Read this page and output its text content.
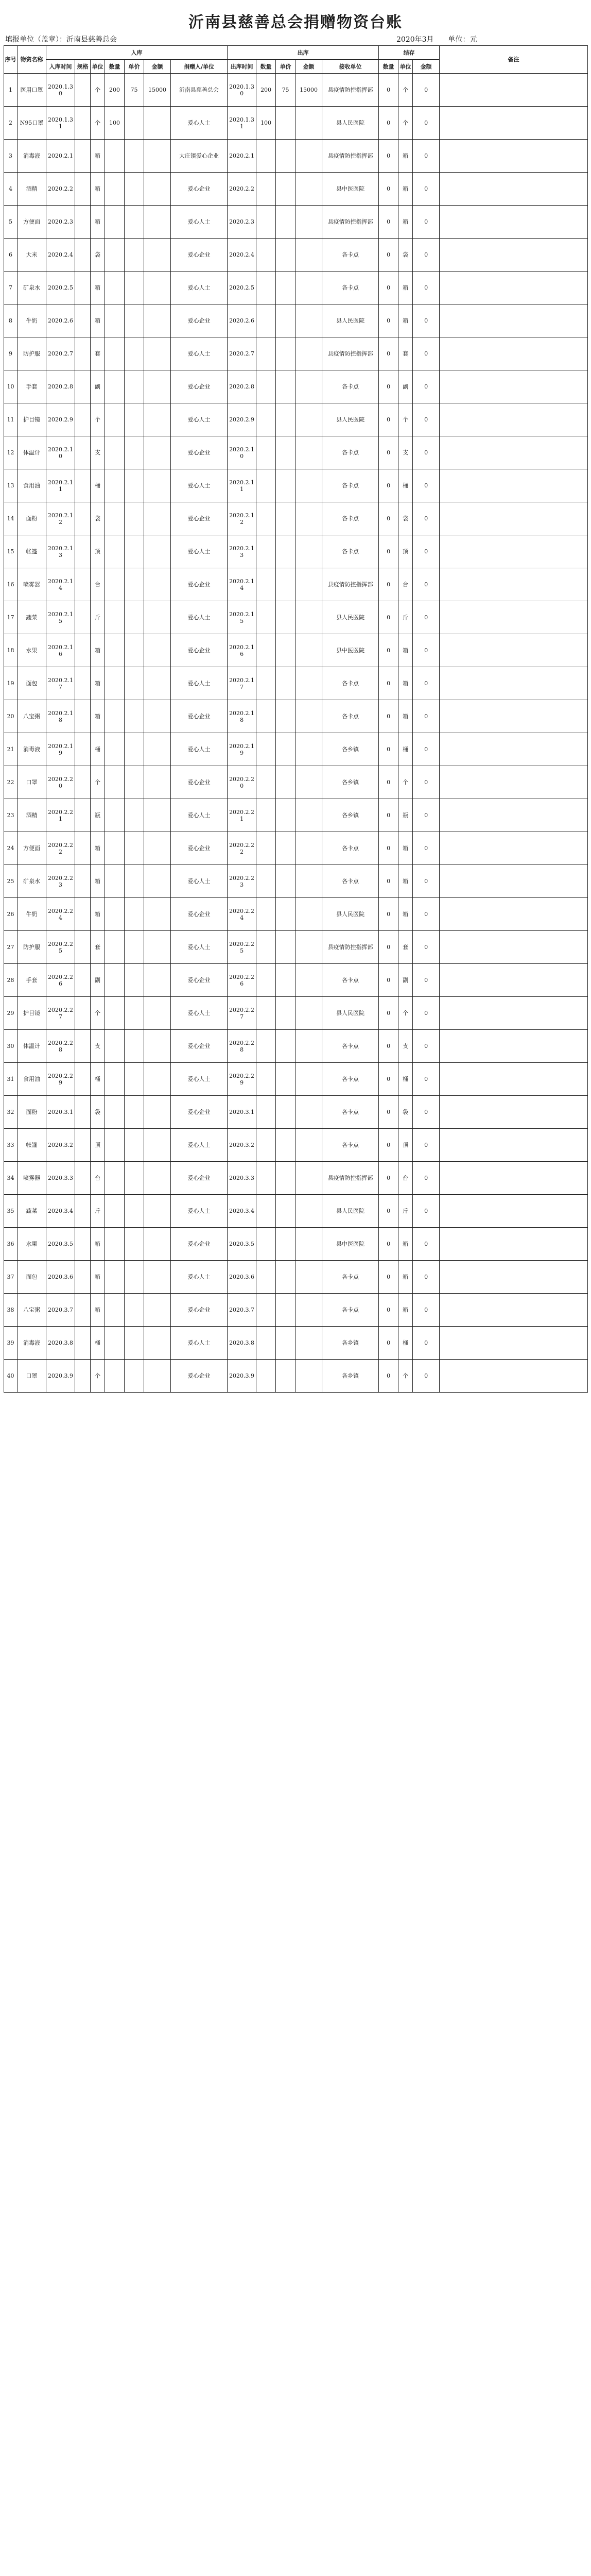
沂南县慈善总会捐赠物资台账
填报单位（盖章）：沂南县慈善总会	2020年3月　　单位：元
序号	物资名称	入库							出库					结存			备注
		入库时间	规格	单位	数量	单价	金额	捐赠人/单位	出库时间	数量	单价	金额	接收单位	数量	单位	金额	
1	医用口罩	2020.1.30		个	200	75	15000	沂南县慈善总会	2020.1.30	200	75	15000	县疫情防控指挥部	0	个	0	
2	N95口罩	2020.1.31		个	100			爱心人士	2020.1.31	100			县人民医院	0	个	0	
3	消毒液	2020.2.1		箱				大庄镇爱心企业	2020.2.1				县疫情防控指挥部	0	箱	0	
4	酒精	2020.2.2		箱				爱心企业	2020.2.2				县中医医院	0	箱	0	
5	方便面	2020.2.3		箱				爱心人士	2020.2.3				县疫情防控指挥部	0	箱	0	
6	大米	2020.2.4		袋				爱心企业	2020.2.4				各卡点	0	袋	0	
7	矿泉水	2020.2.5		箱				爱心人士	2020.2.5				各卡点	0	箱	0	
8	牛奶	2020.2.6		箱				爱心企业	2020.2.6				县人民医院	0	箱	0	
9	防护服	2020.2.7		套				爱心人士	2020.2.7				县疫情防控指挥部	0	套	0	
10	手套	2020.2.8		副				爱心企业	2020.2.8				各卡点	0	副	0	
11	护目镜	2020.2.9		个				爱心人士	2020.2.9				县人民医院	0	个	0	
12	体温计	2020.2.10		支				爱心企业	2020.2.10				各卡点	0	支	0	
13	食用油	2020.2.11		桶				爱心人士	2020.2.11				各卡点	0	桶	0	
14	面粉	2020.2.12		袋				爱心企业	2020.2.12				各卡点	0	袋	0	
15	帐篷	2020.2.13		顶				爱心人士	2020.2.13				各卡点	0	顶	0	
16	喷雾器	2020.2.14		台				爱心企业	2020.2.14				县疫情防控指挥部	0	台	0	
17	蔬菜	2020.2.15		斤				爱心人士	2020.2.15				县人民医院	0	斤	0	
18	水果	2020.2.16		箱				爱心企业	2020.2.16				县中医医院	0	箱	0	
19	面包	2020.2.17		箱				爱心人士	2020.2.17				各卡点	0	箱	0	
20	八宝粥	2020.2.18		箱				爱心企业	2020.2.18				各卡点	0	箱	0	
21	消毒液	2020.2.19		桶				爱心人士	2020.2.19				各乡镇	0	桶	0	
22	口罩	2020.2.20		个				爱心企业	2020.2.20				各乡镇	0	个	0	
23	酒精	2020.2.21		瓶				爱心人士	2020.2.21				各乡镇	0	瓶	0	
24	方便面	2020.2.22		箱				爱心企业	2020.2.22				各卡点	0	箱	0	
25	矿泉水	2020.2.23		箱				爱心人士	2020.2.23				各卡点	0	箱	0	
26	牛奶	2020.2.24		箱				爱心企业	2020.2.24				县人民医院	0	箱	0	
27	防护服	2020.2.25		套				爱心人士	2020.2.25				县疫情防控指挥部	0	套	0	
28	手套	2020.2.26		副				爱心企业	2020.2.26				各卡点	0	副	0	
29	护目镜	2020.2.27		个				爱心人士	2020.2.27				县人民医院	0	个	0	
30	体温计	2020.2.28		支				爱心企业	2020.2.28				各卡点	0	支	0	
31	食用油	2020.2.29		桶				爱心人士	2020.2.29				各卡点	0	桶	0	
32	面粉	2020.3.1		袋				爱心企业	2020.3.1				各卡点	0	袋	0	
33	帐篷	2020.3.2		顶				爱心人士	2020.3.2				各卡点	0	顶	0	
34	喷雾器	2020.3.3		台				爱心企业	2020.3.3				县疫情防控指挥部	0	台	0	
35	蔬菜	2020.3.4		斤				爱心人士	2020.3.4				县人民医院	0	斤	0	
36	水果	2020.3.5		箱				爱心企业	2020.3.5				县中医医院	0	箱	0	
37	面包	2020.3.6		箱				爱心人士	2020.3.6				各卡点	0	箱	0	
38	八宝粥	2020.3.7		箱				爱心企业	2020.3.7				各卡点	0	箱	0	
39	消毒液	2020.3.8		桶				爱心人士	2020.3.8				各乡镇	0	桶	0	
40	口罩	2020.3.9		个				爱心企业	2020.3.9				各乡镇	0	个	0	
